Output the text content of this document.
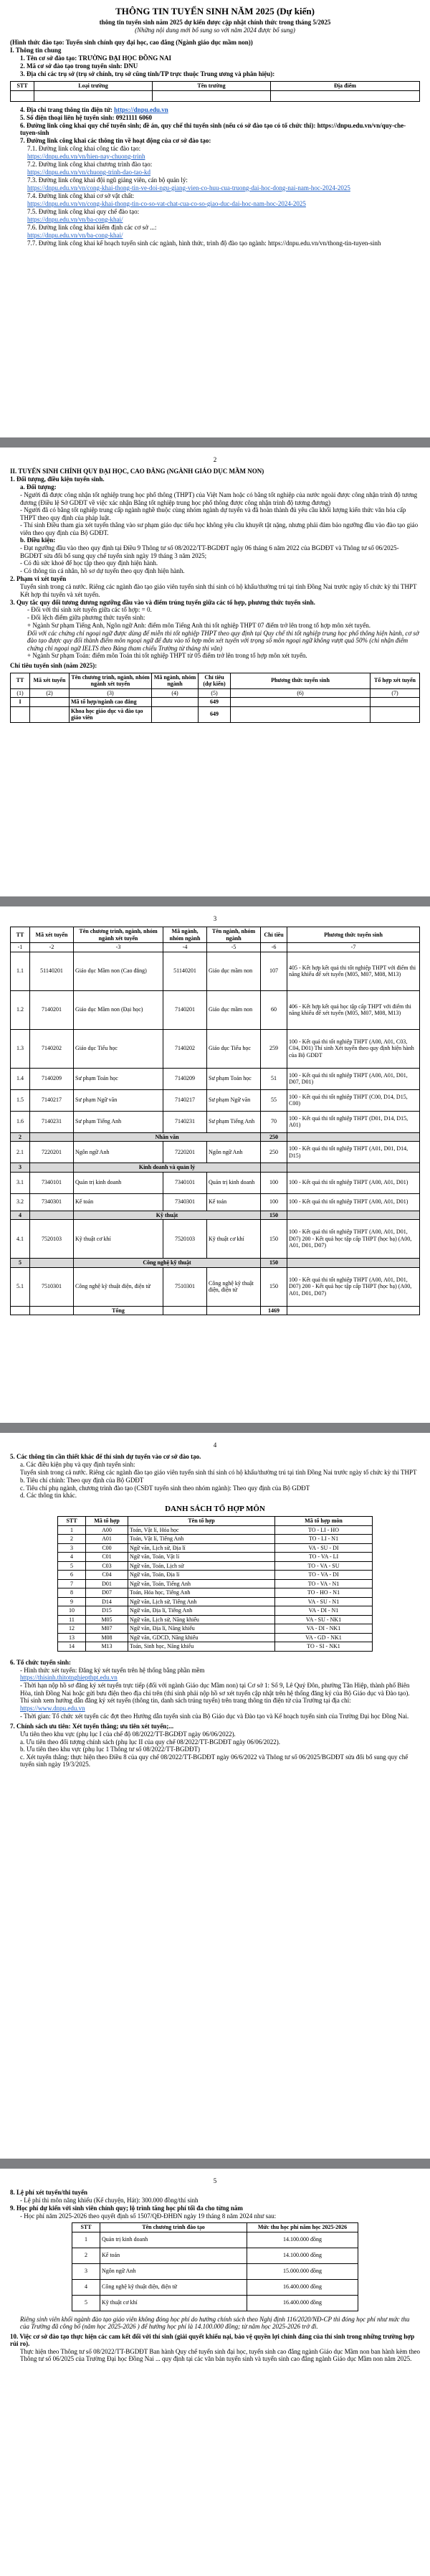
THÔNG TIN TUYỂN SINH NĂM 2025 (Dự kiến)
thông tin tuyển sinh năm 2025 dự kiến được cập nhật chính thức trong tháng 5/2025
(Những nội dung mới bổ sung so với năm 2024 được bổ sung)

(Hình thức đào tạo: Tuyển sinh chính quy đại học, cao đẳng (Ngành giáo dục mầm non))

I. Thông tin chung

1. Tên cơ sở đào tạo: TRƯỜNG ĐẠI HỌC ĐỒNG NAI

2. Mã cơ sở đào tạo trong tuyển sinh: DNU

3. Địa chỉ các trụ sở (trụ sở chính, trụ sở cũng tỉnh/TP trực thuộc Trung ương và phân hiệu):

STT	Loại trường	Tên trường	Địa điểm

4. Địa chỉ trang thông tin điện tử: https://dnpu.edu.vn

5. Số điện thoại liên hệ tuyển sinh: 0921111 6060

6. Đường link công khai quy chế tuyển sinh; đề án, quy chế thi tuyển sinh (nếu có sở đào tạo có tổ chức thi): https://dnpu.edu.vn/vn/quy-che-tuyen-sinh

7. Đường link công khai các thông tin về hoạt động của cơ sở đào tạo:

7.1. Đường link công khai công tác đào tạo:

https://dnpu.edu.vn/vn/hien-nay-chuong-trinh

7.2. Đường link công khai chương trình đào tạo:

https://dnpu.edu.vn/vn/chuong-trinh-dao-tao-kd

7.3. Đường link công khai đội ngũ giảng viên, cán bộ quản lý:

https://dnpu.edu.vn/vn/cong-khai-thong-tin-ve-doi-ngu-giang-vien-co-huu-cua-truong-dai-hoc-dong-nai-nam-hoc-2024-2025

7.4. Đường link công khai cơ sở vật chất:

https://dnpu.edu.vn/vn/cong-khai-thong-tin-co-so-vat-chat-cua-co-so-giao-duc-dai-hoc-nam-hoc-2024-2025

7.5. Đường link công khai quy chế đào tạo:

https://dnpu.edu.vn/vn/ba-cong-khai/

7.6. Đường link công khai kiểm định các cơ sở ...:

https://dnpu.edu.vn/vn/ba-cong-khai/

7.7. Đường link công khai kế hoạch tuyển sinh các ngành, hình thức, trình độ đào tạo ngành: https://dnpu.edu.vn/vn/thong-tin-tuyen-sinh

2

II. TUYỂN SINH CHÍNH QUY ĐẠI HỌC, CAO ĐẲNG (NGÀNH GIÁO DỤC MẦM NON)

1. Đối tượng, điều kiện tuyển sinh.

a. Đối tượng:

- Người đã được công nhận tốt nghiệp trung học phổ thông (THPT) của Việt Nam hoặc có bằng tốt nghiệp của nước ngoài được công nhận trình độ tương đương (Điều lệ Sở GDĐT về việc xác nhận Bằng tốt nghiệp trung học phổ thông được công nhận trình độ tương đương)

- Người đã có bằng tốt nghiệp trung cấp ngành nghề thuộc cùng nhóm ngành dự tuyển và đã hoàn thành đủ yêu cầu khối lượng kiến thức văn hóa cấp THPT theo quy định của pháp luật.

- Thí sinh Điều tham gia xét tuyển thẳng vào sư phạm giáo dục tiểu học không yêu cầu khuyết tật nặng, nhưng phải đảm bảo ngưỡng đầu vào đào tạo giáo viên theo quy định của Bộ GDĐT.

b. Điều kiện:

- Đạt ngưỡng đầu vào theo quy định tại Điều 9 Thông tư số 08/2022/TT-BGDĐT ngày 06 tháng 6 năm 2022 của BGDĐT và Thông tư số 06/2025-BGDĐT sửa đổi bổ sung quy chế tuyển sinh ngày 19 tháng 3 năm 2025;

- Có đủ sức khoẻ để học tập theo quy định hiện hành.

- Có thông tin cá nhân, hồ sơ dự tuyển theo quy định hiện hành.

2. Phạm vi xét tuyển

Tuyển sinh trong cả nước. Riêng các ngành đào tạo giáo viên tuyển sinh thí sinh có hộ khẩu/thường trú tại tỉnh Đồng Nai trước ngày tổ chức kỳ thi THPT

Kết hợp thi tuyển và xét tuyển.

3. Quy tắc quy đổi tương đương ngưỡng đầu vào và điểm trúng tuyển giữa các tổ hợp, phương thức tuyển sinh.

- Đối với thí sinh xét tuyển giữa các tổ hợp: = 0.

- Đối lệch điểm giữa phương thức tuyển sinh:

+ Ngành Sư phạm Tiếng Anh, Ngôn ngữ Anh: điểm môn Tiếng Anh thi tốt nghiệp THPT 07 điểm trở lên trong tổ hợp môn xét tuyển.

Đối với các chứng chỉ ngoại ngữ được dùng để miễn thi tốt nghiệp THPT theo quy định tại Quy chế thi tốt nghiệp trung học phổ thông hiện hành, cơ sở đào tạo được quy đổi thành điểm môn ngoại ngữ để đưa vào tổ hợp môn xét tuyển với trọng số môn ngoại ngữ không vượt quá 50% (chi nhận điểm chứng chỉ ngoại ngữ IELTS theo Bảng tham chiếu Trường từ tháng thi văn)

+ Ngành Sư phạm Toán: điểm môn Toán thi tốt nghiệp THPT từ 05 điểm trở lên trong tổ hợp môn xét tuyển.

Chỉ tiêu tuyển sinh (năm 2025):

TT	Mã xét tuyển	Tên chương trình, ngành, nhóm ngành xét tuyển	Mã ngành, nhóm ngành	Chỉ tiêu (dự kiến)	Phương thức tuyển sinh	Tổ hợp xét tuyển
(1)	(2)	(3)	(4)	(5)	(6)	(7)
I		Mã tổ hợp/ngành cao đẳng		649		
		Khoa học giáo dục và đào tạo giáo viên		649		
3
TT	Mã xét tuyển	Tên chương trình, ngành, nhóm ngành xét tuyển	Mã ngành, nhóm ngành	Tên ngành, nhóm ngành	Chỉ tiêu	Phương thức tuyển sinh
-1	-2	-3	-4	-5	-6	-7
1.1	51140201	Giáo dục Mầm non (Cao đẳng)	51140201	Giáo dục mầm non	107	405 - Kết hợp kết quả thi tốt nghiệp THPT với điểm thi năng khiếu để xét tuyển (M05, M07, M08, M13)
1.2	7140201	Giáo dục Mầm non (Đại học)	7140201	Giáo dục mầm non	60	406 - Kết hợp kết quả học tập cấp THPT với điểm thi năng khiếu để xét tuyển (M05, M07, M08, M13)
1.3	7140202	Giáo dục Tiểu học	7140202	Giáo dục Tiểu học	259	100 - Kết quả thi tốt nghiệp THPT (A00, A01, C03, C04, D01) Thí sinh Xét tuyển theo quy định hiện hành của Bộ GDĐT
1.4	7140209	Sư phạm Toán học	7140209	Sư phạm Toán học	51	100 - Kết quả thi tốt nghiệp THPT (A00, A01, D01, D07, D01)
1.5	7140217	Sư phạm Ngữ văn	7140217	Sư phạm Ngữ văn	55	100 - Kết quả thi tốt nghiệp THPT (C00, D14, D15, C00)
1.6	7140231	Sư phạm Tiếng Anh	7140231	Sư phạm Tiếng Anh	70	100 - Kết quả thi tốt nghiệp THPT (D01, D14, D15, A01)
2		Nhân văn			250	
2.1	7220201	Ngôn ngữ Anh	7220201	Ngôn ngữ Anh	250	100 - Kết quả thi tốt nghiệp THPT (A01, D01, D14, D15)
3		Kinh doanh và quản lý				
3.1	7340101	Quản trị kinh doanh	7340101	Quản trị kinh doanh	100	100 - Kết quả thi tốt nghiệp THPT (A00, A01, D01)
3.2	7340301	Kế toán	7340301	Kế toán	100	100 - Kết quả thi tốt nghiệp THPT (A00, A01, D01)
4		Kỹ thuật			150	
4.1	7520103	Kỹ thuật cơ khí	7520103	Kỹ thuật cơ khí	150	100 - Kết quả thi tốt nghiệp THPT (A00, A01, D01, D07) 200 - Kết quả học tập cấp THPT (học bạ) (A00, A01, D01, D07)
5		Công nghệ kỹ thuật			150	
5.1	7510301	Công nghệ kỹ thuật điện, điện tử	7510301	Công nghệ kỹ thuật điện, điện tử	150	100 - Kết quả thi tốt nghiệp THPT (A00, A01, D01, D07) 200 - Kết quả học tập cấp THPT (học bạ) (A00, A01, D01, D07)
		Tổng			1469	
4

5. Các thông tin cần thiết khác để thí sinh dự tuyển vào cơ sở đào tạo.

a. Các điều kiện phụ và quy định tuyển sinh:

Tuyển sinh trong cả nước. Riêng các ngành đào tạo giáo viên tuyển sinh thí sinh có hộ khẩu/thường trú tại tỉnh Đồng Nai trước ngày tổ chức kỳ thi THPT

b. Tiêu chí chính: Theo quy định của Bộ GDĐT

c. Tiêu chí phụ ngành, chương trình đào tạo (CSĐT tuyển sinh theo nhóm ngành): Theo quy định của Bộ GDĐT

d. Các thông tin khác.

DANH SÁCH TỔ HỢP MÔN
STT	Mã tổ hợp	Tên tổ hợp	Mã tổ hợp môn
1	A00	Toán, Vật lí, Hóa học	TO - LI - HO
2	A01	Toán, Vật lí, Tiếng Anh	TO - LI - N1
3	C00	Ngữ văn, Lịch sử, Địa lí	VA - SU - DI
4	C01	Ngữ văn, Toán, Vật lí	TO - VA - LI
5	C03	Ngữ văn, Toán, Lịch sử	TO - VA - SU
6	C04	Ngữ văn, Toán, Địa lí	TO - VA - DI
7	D01	Ngữ văn, Toán, Tiếng Anh	TO - VA - N1
8	D07	Toán, Hóa học, Tiếng Anh	TO - HO - N1
9	D14	Ngữ văn, Lịch sử, Tiếng Anh	VA - SU - N1
10	D15	Ngữ văn, Địa lí, Tiếng Anh	VA - DI - N1
11	M05	Ngữ văn, Lịch sử, Năng khiếu	VA - SU - NK1
12	M07	Ngữ văn, Địa lí, Năng khiếu	VA - DI - NK1
13	M08	Ngữ văn, GDCD, Năng khiếu	VA - GD - NK1
14	M13	Toán, Sinh học, Năng khiếu	TO - SI - NK1

6. Tổ chức tuyển sinh:

- Hình thức xét tuyển: Đăng ký xét tuyển trên hệ thống bằng phần mềm

https://thisinh.thitotnghiepthpt.edu.vn

- Thời hạn nộp hồ sơ đăng ký xét tuyển trực tiếp (đối với ngành Giáo dục Mầm non) tại Cơ sở 1: Số 9, Lê Quý Đôn, phường Tân Hiệp, thành phố Biên Hòa, tỉnh Đồng Nai hoặc gửi bưu điện theo địa chỉ trên (thí sinh phải nộp hồ sơ xét tuyển cập nhật trên hệ thống đăng ký của Bộ Giáo dục và Đào tạo). Thí sinh xem hướng dẫn đăng ký xét tuyển (thông tin, danh sách trúng tuyển) trên trang thông tin điện tử của Trường tại địa chỉ:

https://www.dnpu.edu.vn

- Thời gian: Tổ chức xét tuyển các đợt theo Hướng dẫn tuyển sinh của Bộ Giáo dục và Đào tạo và Kế hoạch tuyển sinh của Trường Đại học Đồng Nai.

7. Chính sách ưu tiên: Xét tuyển thẳng; ưu tiên xét tuyển;...

Ưu tiên theo khu vực (phụ lục I của chế độ 08/2022/TT-BGDĐT ngày 06/06/2022).

a. Ưu tiên theo đối tượng chính sách (phụ lục II của quy chế 08/2022/TT-BGDĐT ngày 06/06/2022).

b. Ưu tiên theo khu vực (phụ lục 1 Thông tư số 08/2022/TT-BGDĐT)

c. Xét tuyển thẳng: thực hiện theo Điều 8 của quy chế 08/2022/TT-BGDĐT ngày 06/6/2022 và Thông tư số 06/2025/BGDĐT sửa đổi bổ sung quy chế tuyển sinh ngày 19/3/2025.

5

8. Lệ phí xét tuyển/thi tuyển

- Lệ phí thi môn năng khiếu (Kế chuyện, Hát): 300.000 đồng/thí sinh

9. Học phí dự kiến với sinh viên chính quy; lộ trình tăng học phí tối đa cho từng năm

- Học phí năm 2025-2026 theo quyết định số 1507/QĐ-ĐHĐN ngày 19 tháng 8 năm 2024 như sau:

STT	Tên chương trình đào tạo	Mức thu học phí năm học 2025-2026
1	Quản trị kinh doanh	14.100.000 đồng
2	Kế toán	14.100.000 đồng
3	Ngôn ngữ Anh	15.000.000 đồng
4	Công nghệ kỹ thuật điện, điện tử	16.400.000 đồng
5	Kỹ thuật cơ khí	16.400.000 đồng

Riêng sinh viên khối ngành đào tạo giáo viên không đóng học phí do hưởng chính sách theo Nghị định 116/2020/NĐ-CP thì đóng học phí như mức thu của Trường đã công bố (năm học 2025-2026 ) để hưởng học phí là 14.100.000 đồng; từ năm học 2025-2026 trở đi.

10. Việc cơ sở đào tạo thực hiện các cam kết đối với thí sinh (giải quyết khiếu nại, bảo vệ quyền lợi chính đáng của thí sinh trong những trường hợp rủi ro).

Thực hiện theo Thông tư số 08/2022/TT-BGDĐT Ban hành Quy chế tuyển sinh đại học, tuyển sinh cao đẳng ngành Giáo dục Mầm non ban hành kèm theo Thông tư số 06/2025 của Trường Đại học Đồng Nai ... quy định tại các văn bản tuyển sinh và tuyển sinh cao đẳng ngành Giáo dục Mầm non năm 2025.
